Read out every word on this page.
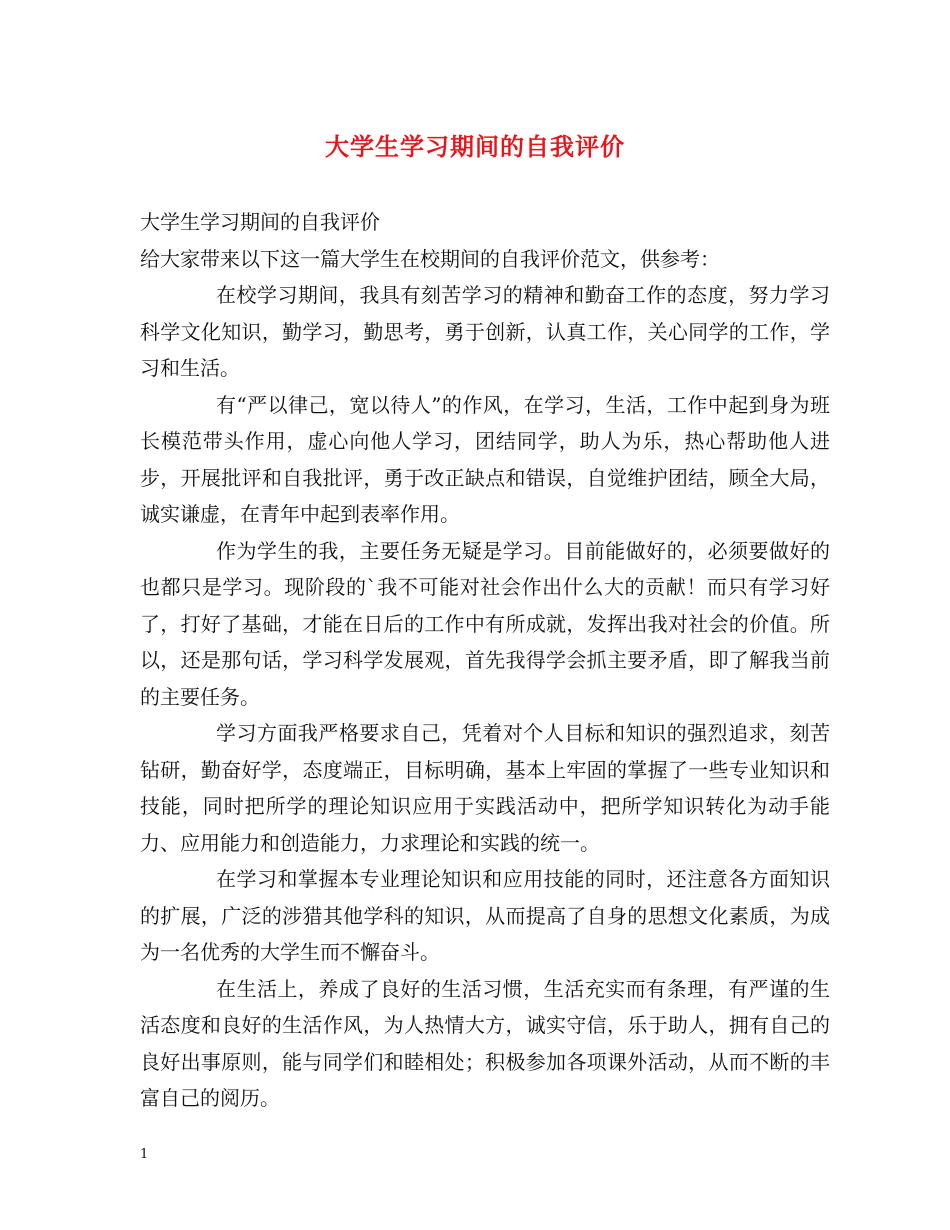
大学生学习期间的自我评价

大学生学习期间的自我评价

给大家带来以下这一篇大学生在校期间的自我评价范文，供参考：

在校学习期间，我具有刻苦学习的精神和勤奋工作的态度，努力学习科学文化知识，勤学习，勤思考，勇于创新，认真工作，关心同学的工作，学习和生活。

有“严以律己，宽以待人”的作风，在学习，生活，工作中起到身为班长模范带头作用，虚心向他人学习，团结同学，助人为乐，热心帮助他人进步，开展批评和自我批评，勇于改正缺点和错误，自觉维护团结，顾全大局，诚实谦虚，在青年中起到表率作用。

作为学生的我，主要任务无疑是学习。目前能做好的，必须要做好的也都只是学习。现阶段的`我不可能对社会作出什么大的贡献！而只有学习好了，打好了基础，才能在日后的工作中有所成就，发挥出我对社会的价值。所以，还是那句话，学习科学发展观，首先我得学会抓主要矛盾，即了解我当前的主要任务。

学习方面我严格要求自己，凭着对个人目标和知识的强烈追求，刻苦钻研，勤奋好学，态度端正，目标明确，基本上牢固的掌握了一些专业知识和技能，同时把所学的理论知识应用于实践活动中，把所学知识转化为动手能力、应用能力和创造能力，力求理论和实践的统一。

在学习和掌握本专业理论知识和应用技能的同时，还注意各方面知识的扩展，广泛的涉猎其他学科的知识，从而提高了自身的思想文化素质，为成为一名优秀的大学生而不懈奋斗。

在生活上，养成了良好的生活习惯，生活充实而有条理，有严谨的生活态度和良好的生活作风，为人热情大方，诚实守信，乐于助人，拥有自己的良好出事原则，能与同学们和睦相处；积极参加各项课外活动，从而不断的丰富自己的阅历。

1
